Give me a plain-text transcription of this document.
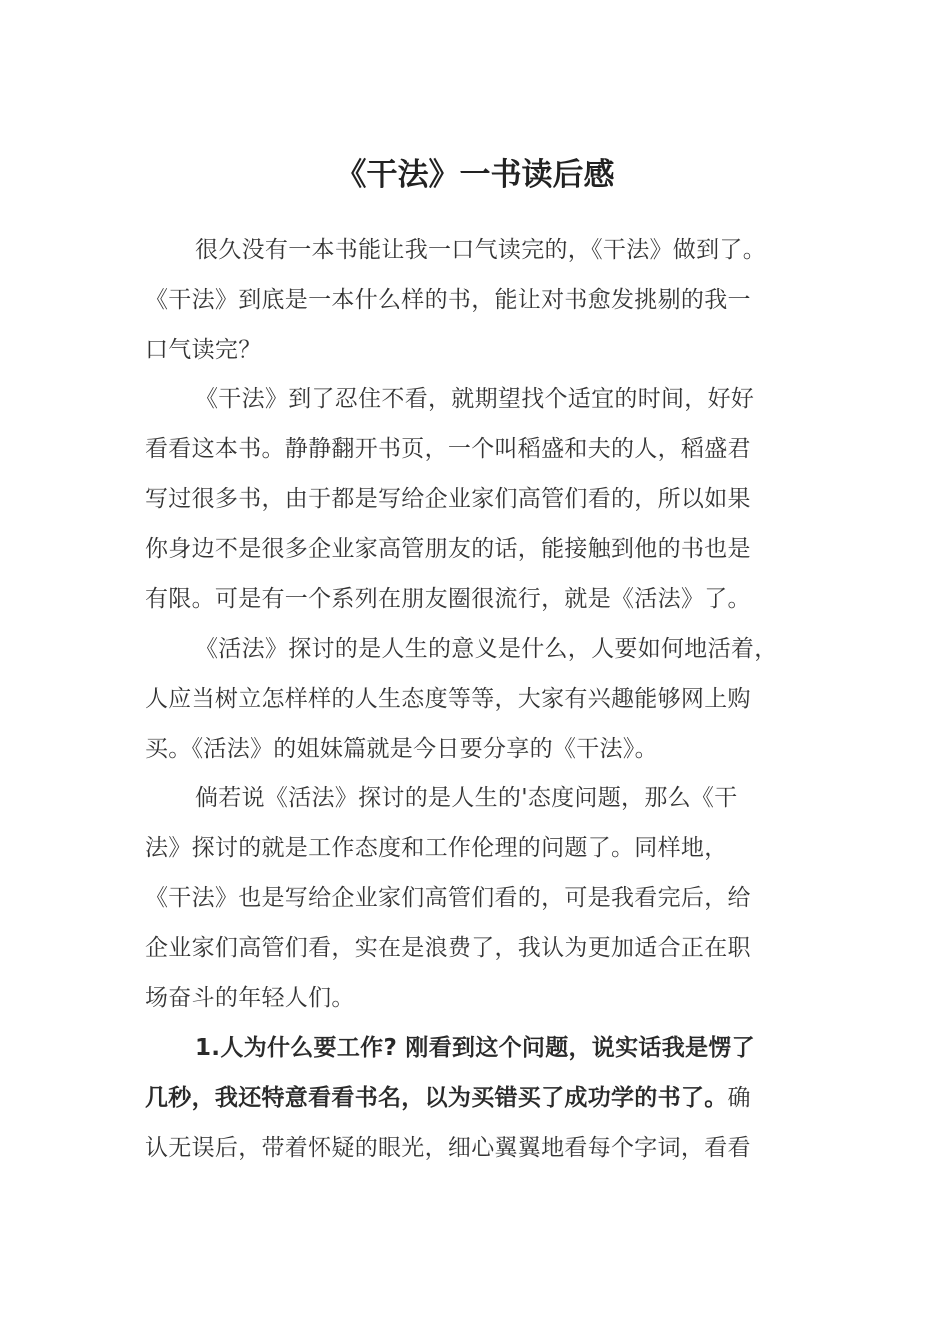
《干法》一书读后感
很久没有一本书能让我一口气读完的，《干法》做到了。
《干法》到底是一本什么样的书，能让对书愈发挑剔的我一
口气读完？
《干法》到了忍住不看，就期望找个适宜的时间，好好
看看这本书。静静翻开书页，一个叫稻盛和夫的人，稻盛君
写过很多书，由于都是写给企业家们高管们看的，所以如果
你身边不是很多企业家高管朋友的话，能接触到他的书也是
有限。可是有一个系列在朋友圈很流行，就是《活法》了。
《活法》探讨的是人生的意义是什么，人要如何地活着，
人应当树立怎样样的人生态度等等，大家有兴趣能够网上购
买。《活法》的姐妹篇就是今日要分享的《干法》。
倘若说《活法》探讨的是人生的'态度问题，那么《干
法》探讨的就是工作态度和工作伦理的问题了。同样地，
《干法》也是写给企业家们高管们看的，可是我看完后，给
企业家们高管们看，实在是浪费了，我认为更加适合正在职
场奋斗的年轻人们。
1.人为什么要工作? 刚看到这个问题，说实话我是愣了
几秒，我还特意看看书名，以为买错买了成功学的书了。确
认无误后，带着怀疑的眼光，细心翼翼地看每个字词，看看
